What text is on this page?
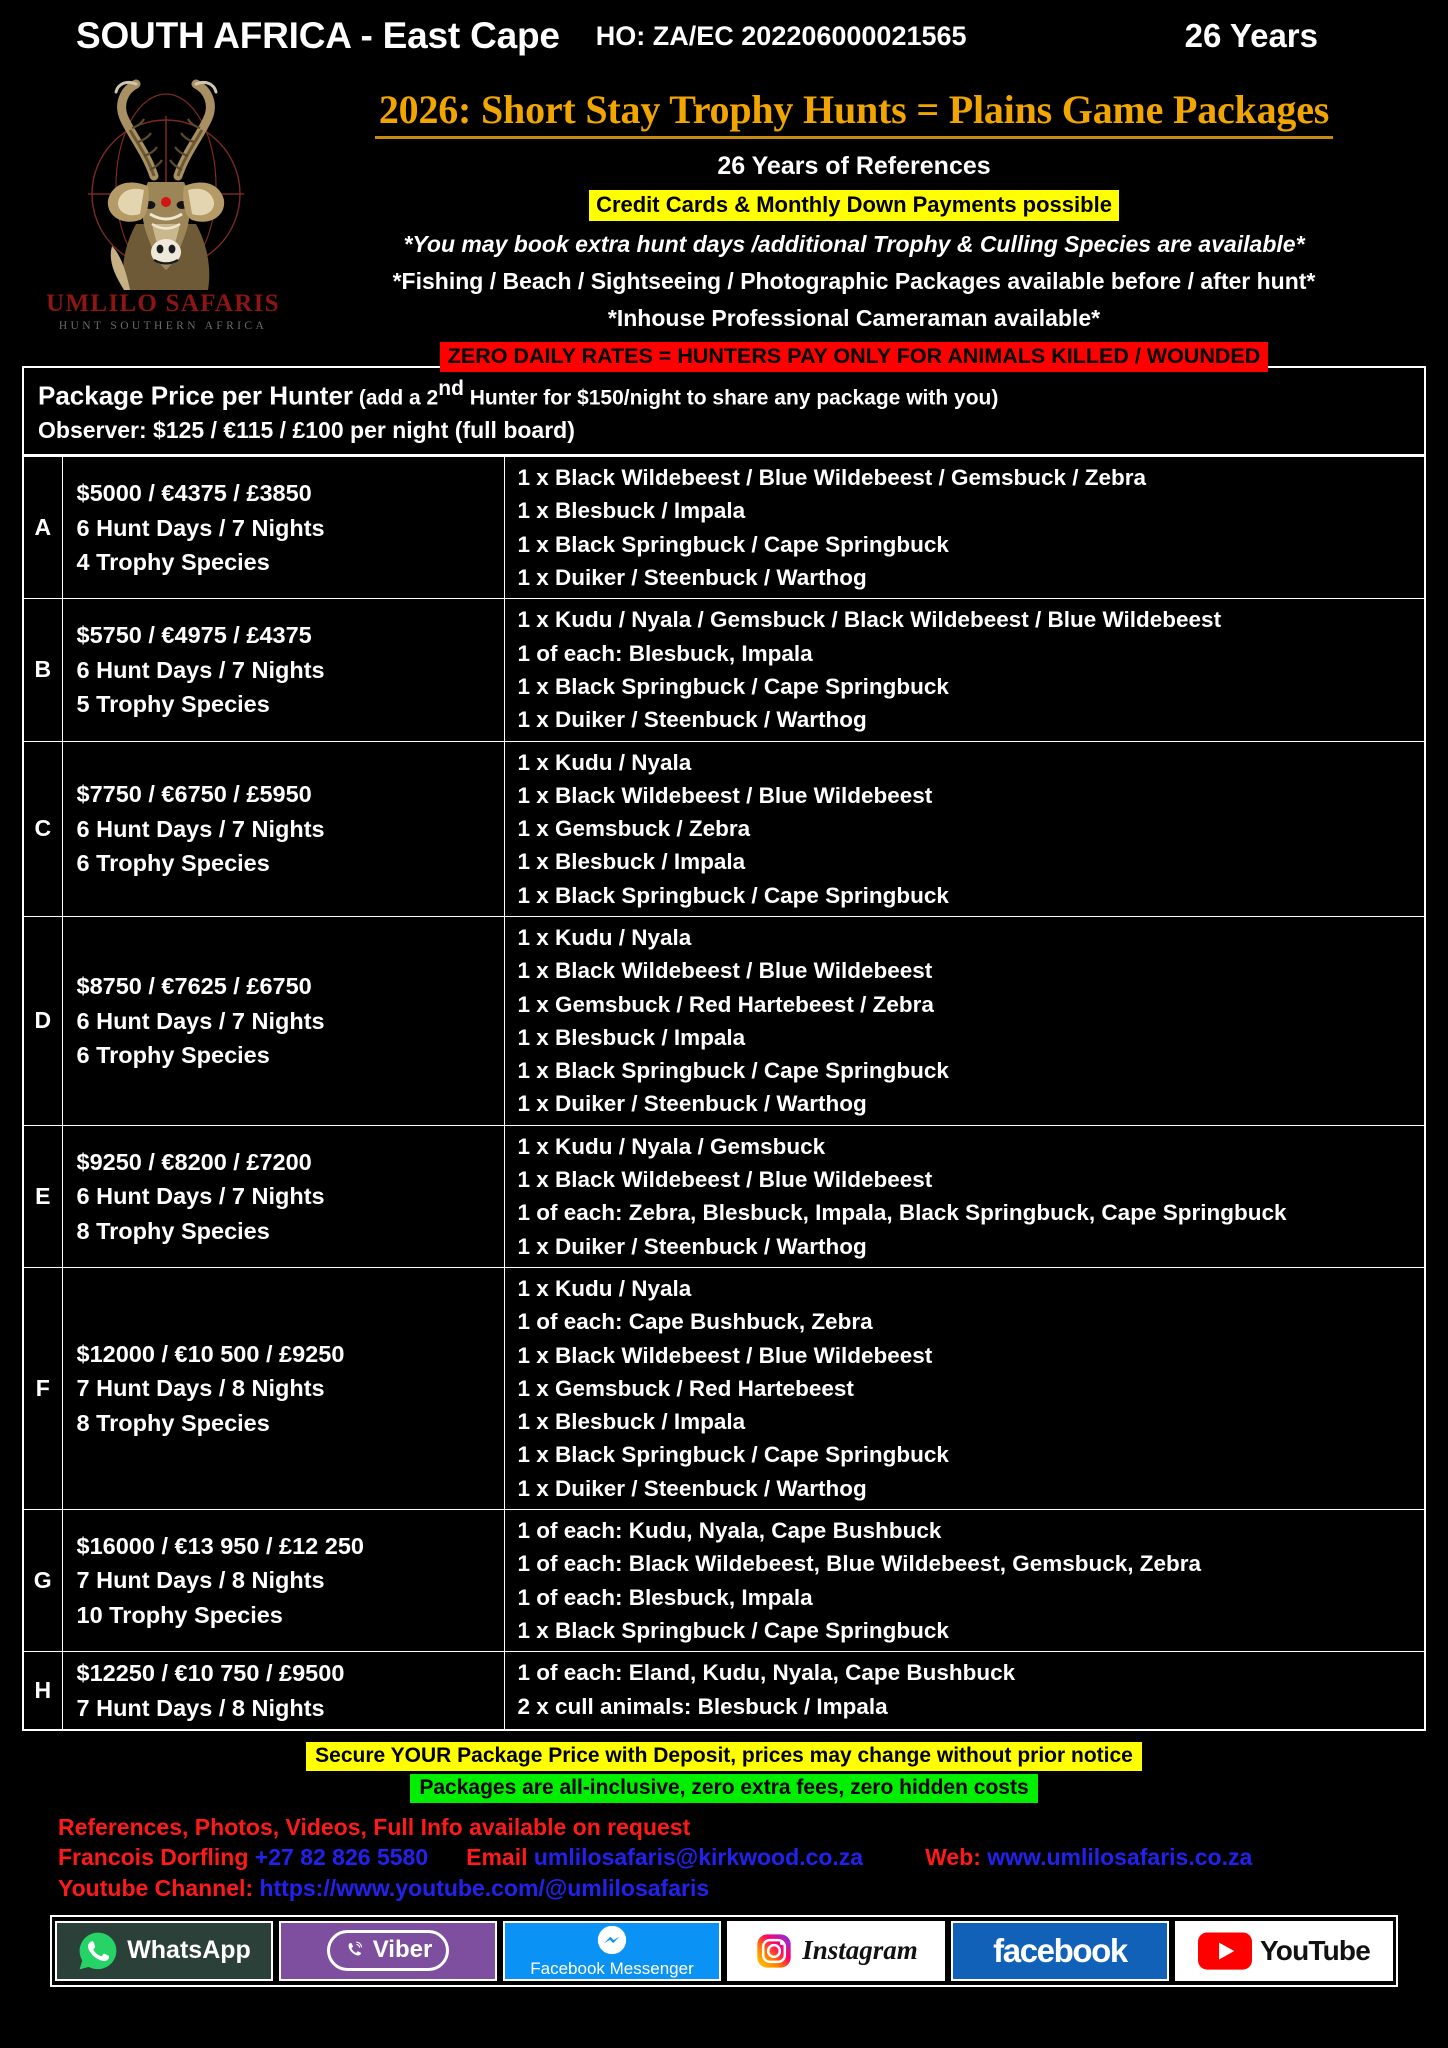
SOUTH AFRICA - East Cape HO: ZA/EC 202206000021565	26 Years
UMLILO SAFARIS
HUNT SOUTHERN AFRICA
2026: Short Stay Trophy Hunts = Plains Game Packages
26 Years of References
Credit Cards & Monthly Down Payments possible
*You may book extra hunt days /additional Trophy & Culling Species are available*
*Fishing / Beach / Sightseeing / Photographic Packages available before / after hunt*
*Inhouse Professional Cameraman available*
ZERO DAILY RATES = HUNTERS PAY ONLY FOR ANIMALS KILLED / WOUNDED
Package Price per Hunter (add a 2nd Hunter for $150/night to share any package with you)
Observer: $125 / €115 / £100 per night (full board)
A	
$5000 / €4375 / £3850
6 Hunt Days / 7 Nights
4 Trophy Species

1 x Black Wildebeest / Blue Wildebeest / Gemsbuck / Zebra
1 x Blesbuck / Impala
1 x Black Springbuck / Cape Springbuck
1 x Duiker / Steenbuck / Warthog

B	
$5750 / €4975 / £4375
6 Hunt Days / 7 Nights
5 Trophy Species

1 x Kudu / Nyala / Gemsbuck / Black Wildebeest / Blue Wildebeest
1 of each: Blesbuck, Impala
1 x Black Springbuck / Cape Springbuck
1 x Duiker / Steenbuck / Warthog

C	
$7750 / €6750 / £5950
6 Hunt Days / 7 Nights
6 Trophy Species

1 x Kudu / Nyala
1 x Black Wildebeest / Blue Wildebeest
1 x Gemsbuck / Zebra
1 x Blesbuck / Impala
1 x Black Springbuck / Cape Springbuck

D	
$8750 / €7625 / £6750
6 Hunt Days / 7 Nights
6 Trophy Species

1 x Kudu / Nyala
1 x Black Wildebeest / Blue Wildebeest
1 x Gemsbuck / Red Hartebeest / Zebra
1 x Blesbuck / Impala
1 x Black Springbuck / Cape Springbuck
1 x Duiker / Steenbuck / Warthog

E	
$9250 / €8200 / £7200
6 Hunt Days / 7 Nights
8 Trophy Species

1 x Kudu / Nyala / Gemsbuck
1 x Black Wildebeest / Blue Wildebeest
1 of each: Zebra, Blesbuck, Impala, Black Springbuck, Cape Springbuck
1 x Duiker / Steenbuck / Warthog

F	
$12000 / €10 500 / £9250
7 Hunt Days / 8 Nights
8 Trophy Species

1 x Kudu / Nyala
1 of each: Cape Bushbuck, Zebra
1 x Black Wildebeest / Blue Wildebeest
1 x Gemsbuck / Red Hartebeest
1 x Blesbuck / Impala
1 x Black Springbuck / Cape Springbuck
1 x Duiker / Steenbuck / Warthog

G	
$16000 / €13 950 / £12 250
7 Hunt Days / 8 Nights
10 Trophy Species

1 of each: Kudu, Nyala, Cape Bushbuck
1 of each: Black Wildebeest, Blue Wildebeest, Gemsbuck, Zebra
1 of each: Blesbuck, Impala
1 x Black Springbuck / Cape Springbuck

H	
$12250 / €10 750 / £9500
7 Hunt Days / 8 Nights

1 of each: Eland, Kudu, Nyala, Cape Bushbuck
2 x cull animals: Blesbuck / Impala
Secure YOUR Package Price with Deposit, prices may change without prior notice
Packages are all-inclusive, zero extra fees, zero hidden costs
References, Photos, Videos, Full Info available on request
Francois Dorfling +27 82 826 5580 Email umlilosafaris@kirkwood.co.za	Web: www.umlilosafaris.co.za
Youtube Channel: https://www.youtube.com/@umlilosafaris
WhatsApp	Viber
Facebook Messenger
Instagram facebook	YouTube
